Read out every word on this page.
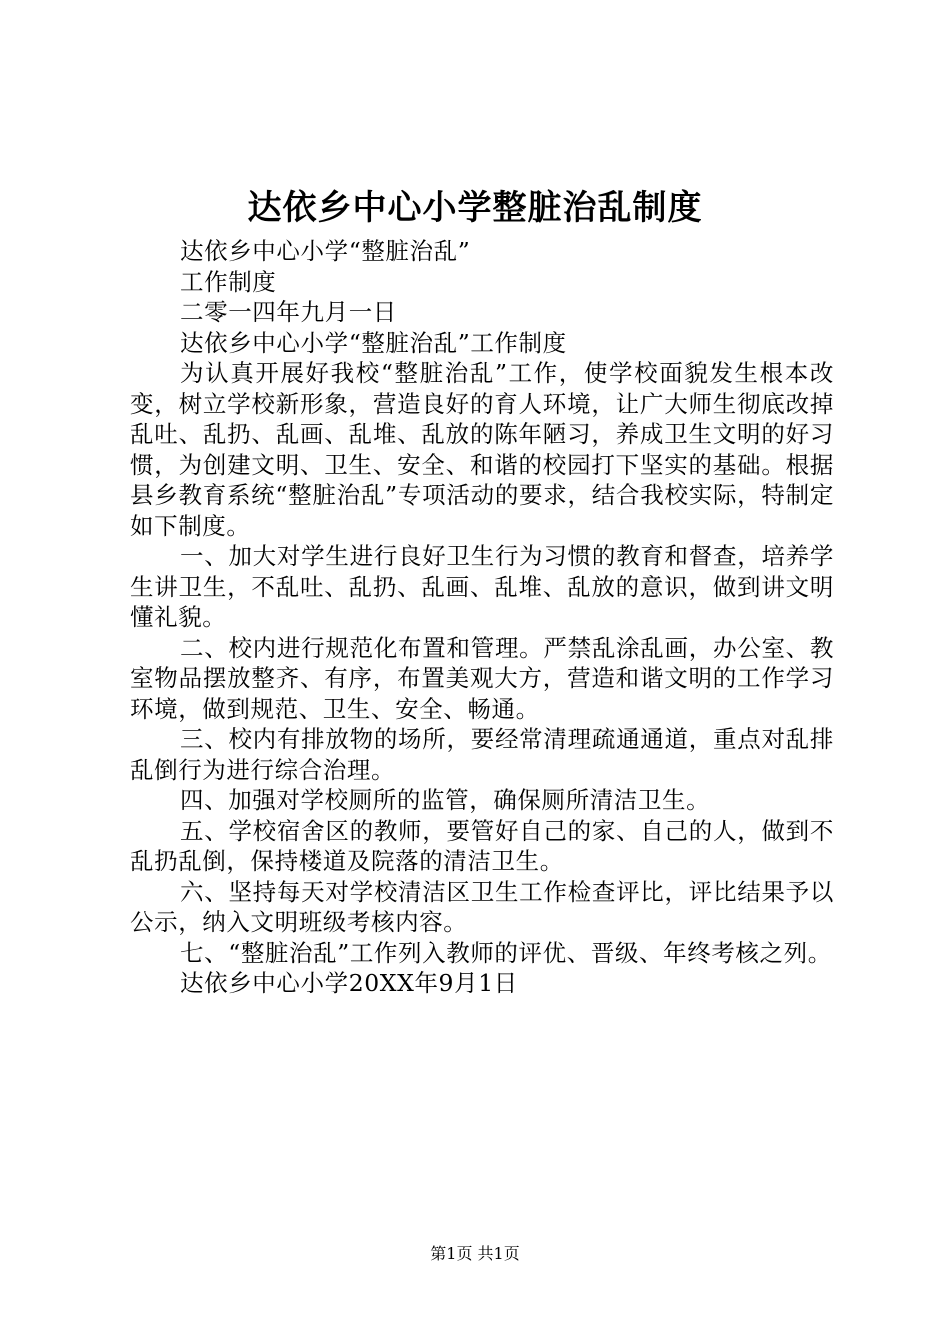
达依乡中心小学整脏治乱制度

达依乡中心小学“整脏治乱”

工作制度

二零一四年九月一日

达依乡中心小学“整脏治乱”工作制度

为认真开展好我校“整脏治乱”工作，使学校面貌发生根本改变，树立学校新形象，营造良好的育人环境，让广大师生彻底改掉乱吐、乱扔、乱画、乱堆、乱放的陈年陋习，养成卫生文明的好习惯，为创建文明、卫生、安全、和谐的校园打下坚实的基础。根据县乡教育系统“整脏治乱”专项活动的要求，结合我校实际，特制定如下制度。

一、加大对学生进行良好卫生行为习惯的教育和督查，培养学生讲卫生，不乱吐、乱扔、乱画、乱堆、乱放的意识，做到讲文明懂礼貌。

二、校内进行规范化布置和管理。严禁乱涂乱画，办公室、教室物品摆放整齐、有序，布置美观大方，营造和谐文明的工作学习环境，做到规范、卫生、安全、畅通。

三、校内有排放物的场所，要经常清理疏通通道，重点对乱排乱倒行为进行综合治理。

四、加强对学校厕所的监管，确保厕所清洁卫生。

五、学校宿舍区的教师，要管好自己的家、自己的人，做到不乱扔乱倒，保持楼道及院落的清洁卫生。

六、坚持每天对学校清洁区卫生工作检查评比，评比结果予以公示，纳入文明班级考核内容。

七、“整脏治乱”工作列入教师的评优、晋级、年终考核之列。

达依乡中心小学20XX年9月1日

第1页 共1页
